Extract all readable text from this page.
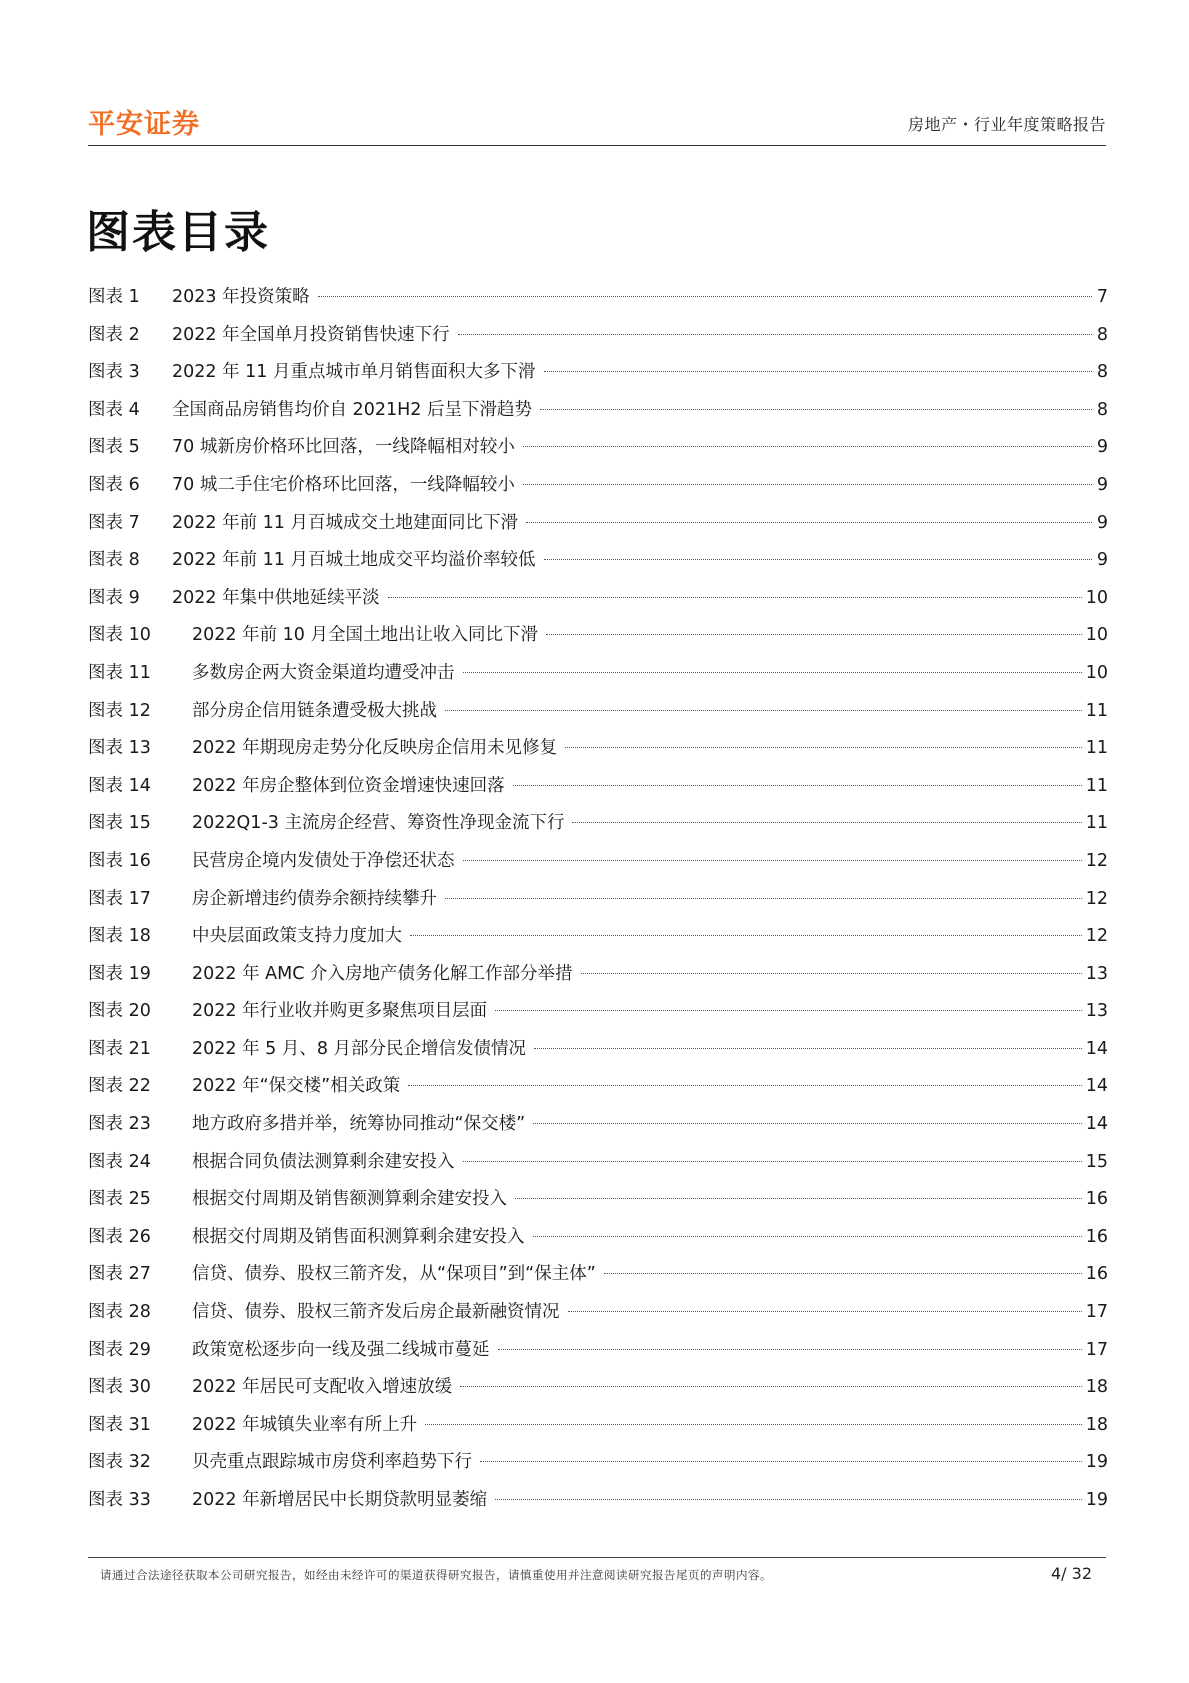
平安证券	房地产・行业年度策略报告
图表目录
图表 1	2023 年投资策略	7
图表 2	2022 年全国单月投资销售快速下行	8
图表 3	2022 年 11 月重点城市单月销售面积大多下滑	8
图表 4	全国商品房销售均价自 2021H2 后呈下滑趋势	8
图表 5	70 城新房价格环比回落，一线降幅相对较小	9
图表 6	70 城二手住宅价格环比回落，一线降幅较小	9
图表 7	2022 年前 11 月百城成交土地建面同比下滑	9
图表 8	2022 年前 11 月百城土地成交平均溢价率较低	9
图表 9	2022 年集中供地延续平淡	10
图表 10	2022 年前 10 月全国土地出让收入同比下滑	10
图表 11	多数房企两大资金渠道均遭受冲击	10
图表 12	部分房企信用链条遭受极大挑战	11
图表 13	2022 年期现房走势分化反映房企信用未见修复	11
图表 14	2022 年房企整体到位资金增速快速回落	11
图表 15	2022Q1-3 主流房企经营、筹资性净现金流下行	11
图表 16	民营房企境内发债处于净偿还状态	12
图表 17	房企新增违约债券余额持续攀升	12
图表 18	中央层面政策支持力度加大	12
图表 19	2022 年 AMC 介入房地产债务化解工作部分举措	13
图表 20	2022 年行业收并购更多聚焦项目层面	13
图表 21	2022 年 5 月、8 月部分民企增信发债情况	14
图表 22	2022 年“保交楼”相关政策	14
图表 23	地方政府多措并举，统筹协同推动“保交楼”	14
图表 24	根据合同负债法测算剩余建安投入	15
图表 25	根据交付周期及销售额测算剩余建安投入	16
图表 26	根据交付周期及销售面积测算剩余建安投入	16
图表 27	信贷、债券、股权三箭齐发，从“保项目”到“保主体”	16
图表 28	信贷、债券、股权三箭齐发后房企最新融资情况	17
图表 29	政策宽松逐步向一线及强二线城市蔓延	17
图表 30	2022 年居民可支配收入增速放缓	18
图表 31	2022 年城镇失业率有所上升	18
图表 32	贝壳重点跟踪城市房贷利率趋势下行	19
图表 33	2022 年新增居民中长期贷款明显萎缩	19
请通过合法途径获取本公司研究报告，如经由未经许可的渠道获得研究报告，请慎重使用并注意阅读研究报告尾页的声明内容。	4/ 32
